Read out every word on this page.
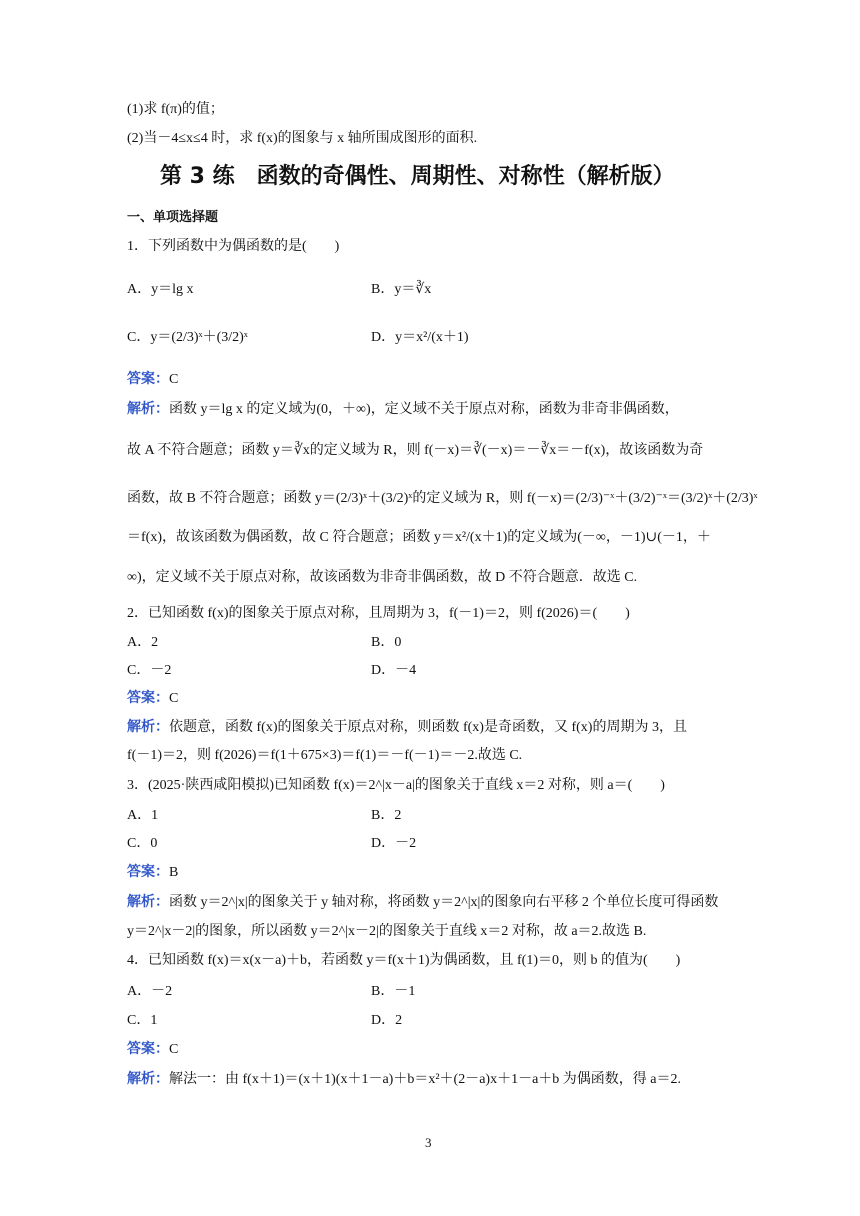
(1)求 f(π)的值；
(2)当－4≤x≤4 时，求 f(x)的图象与 x 轴所围成图形的面积.
第 3 练　函数的奇偶性、周期性、对称性（解析版）
一、单项选择题
1．下列函数中为偶函数的是(　　)
A．y＝lg x	B．y＝∛x
C．y＝(2/3)ˣ＋(3/2)ˣ	D．y＝x²/(x＋1)
答案：C
解析：函数 y＝lg x 的定义域为(0，＋∞)，定义域不关于原点对称，函数为非奇非偶函数，
故 A 不符合题意；函数 y＝∛x的定义域为 R，则 f(－x)＝∛(－x)＝－∛x＝－f(x)，故该函数为奇
函数，故 B 不符合题意；函数 y＝(2/3)ˣ＋(3/2)ˣ的定义域为 R，则 f(－x)＝(2/3)⁻ˣ＋(3/2)⁻ˣ＝(3/2)ˣ＋(2/3)ˣ
＝f(x)，故该函数为偶函数，故 C 符合题意；函数 y＝x²/(x＋1)的定义域为(－∞，－1)∪(－1，＋
∞)，定义域不关于原点对称，故该函数为非奇非偶函数，故 D 不符合题意．故选 C.
2．已知函数 f(x)的图象关于原点对称，且周期为 3，f(－1)＝2，则 f(2026)＝(　　)
A．2	B．0
C．－2	D．－4
答案：C
解析：依题意，函数 f(x)的图象关于原点对称，则函数 f(x)是奇函数，又 f(x)的周期为 3，且
f(－1)＝2，则 f(2026)＝f(1＋675×3)＝f(1)＝－f(－1)＝－2.故选 C.
3．(2025·陕西咸阳模拟)已知函数 f(x)＝2^|x－a|的图象关于直线 x＝2 对称，则 a＝(　　)
A．1	B．2
C．0	D．－2
答案：B
解析：函数 y＝2^|x|的图象关于 y 轴对称，将函数 y＝2^|x|的图象向右平移 2 个单位长度可得函数
y＝2^|x－2|的图象，所以函数 y＝2^|x－2|的图象关于直线 x＝2 对称，故 a＝2.故选 B.
4．已知函数 f(x)＝x(x－a)＋b，若函数 y＝f(x＋1)为偶函数，且 f(1)＝0，则 b 的值为(　　)
A．－2	B．－1
C．1	D．2
答案：C
解析：解法一：由 f(x＋1)＝(x＋1)(x＋1－a)＋b＝x²＋(2－a)x＋1－a＋b 为偶函数，得 a＝2.
3
